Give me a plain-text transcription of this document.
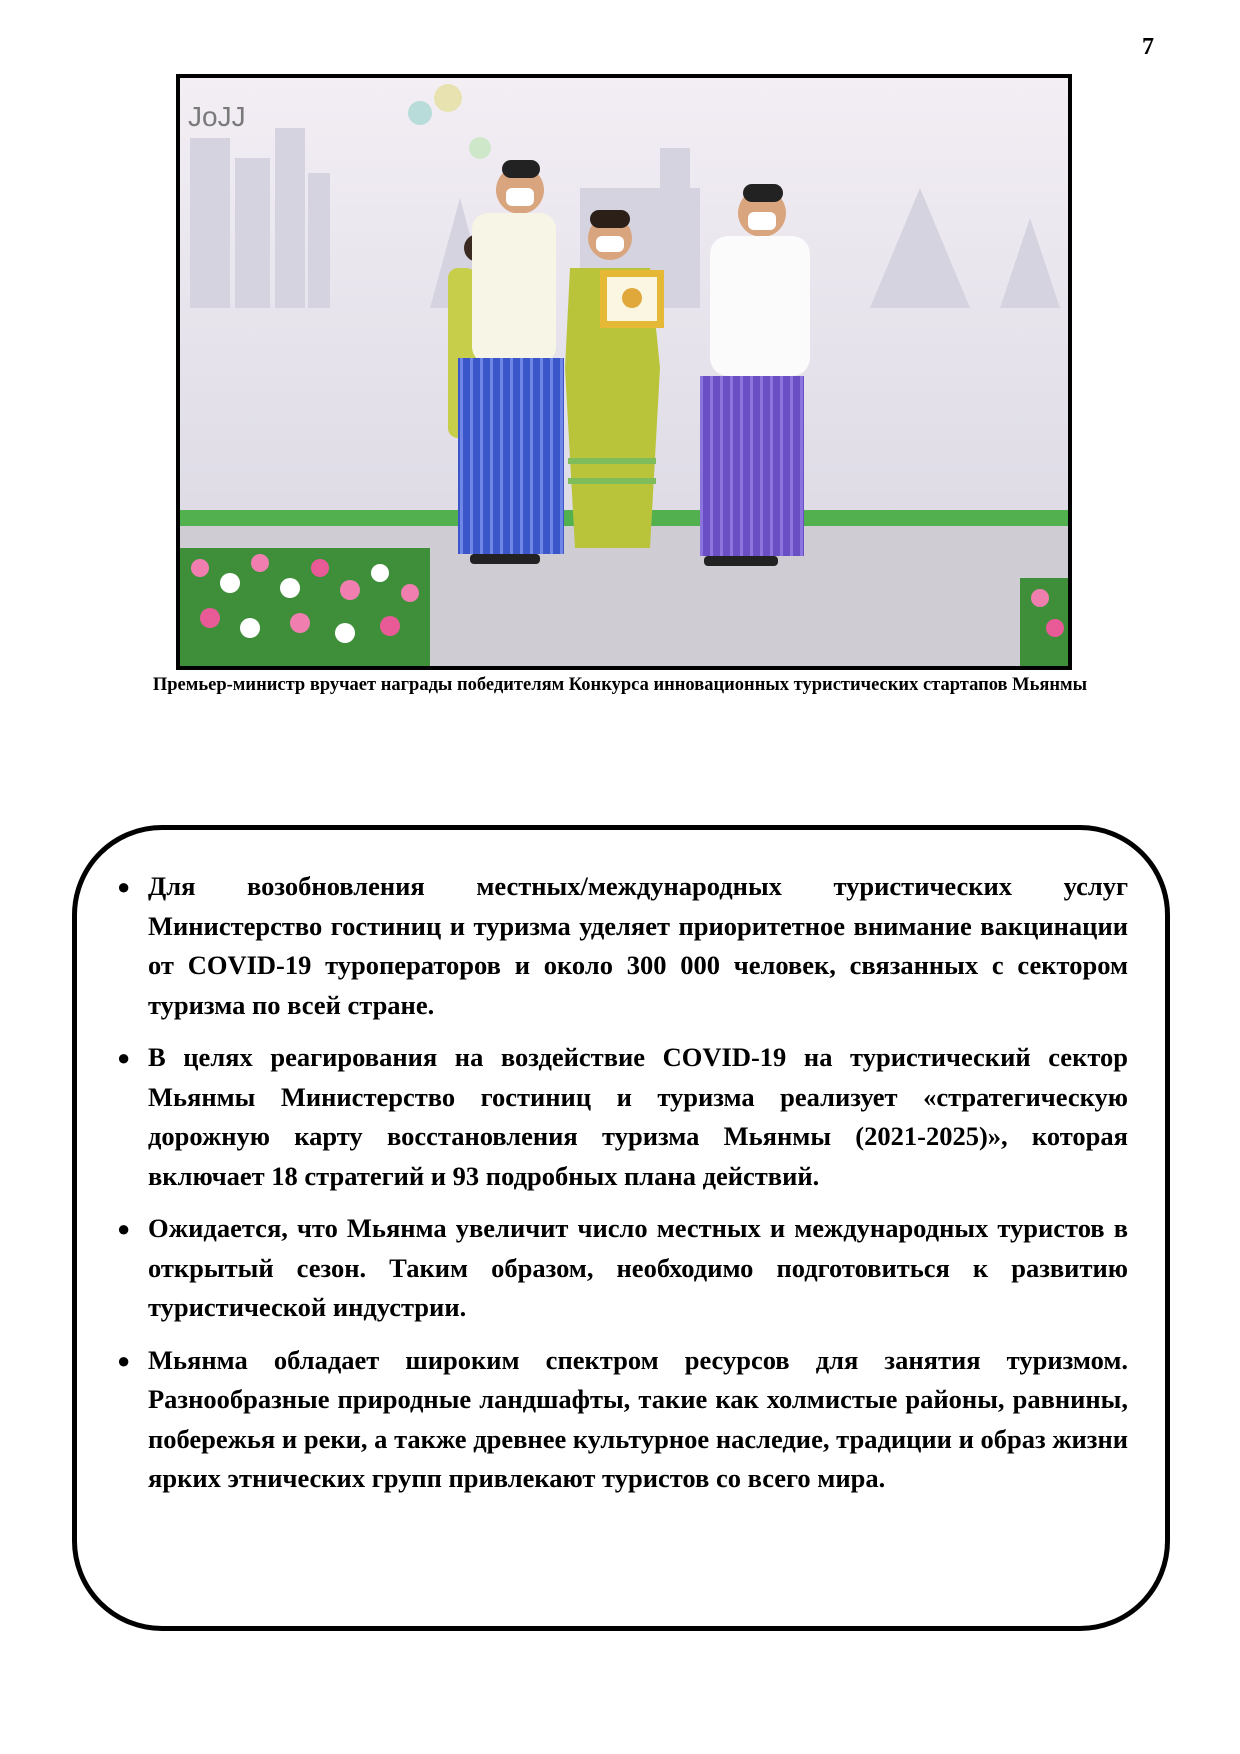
7
JoJJ
Премьер-министр вручает награды победителям Конкурса инновационных туристических стартапов Мьянмы
● Для возобновления местных/международных туристических услуг Министерство гостиниц и туризма уделяет приоритетное внимание вакцинации от COVID-19 туроператоров и около 300 000 человек, связанных с сектором туризма по всей стране.
● В целях реагирования на воздействие COVID-19 на туристический сектор Мьянмы Министерство гостиниц и туризма реализует «стратегическую дорожную карту восстановления туризма Мьянмы (2021-2025)», которая включает 18 стратегий и 93 подробных плана действий.
● Ожидается, что Мьянма увеличит число местных и международных туристов в открытый сезон. Таким образом, необходимо подготовиться к развитию туристической индустрии.
● Мьянма обладает широким спектром ресурсов для занятия туризмом. Разнообразные природные ландшафты, такие как холмистые районы, равнины, побережья и реки, а также древнее культурное наследие, традиции и образ жизни ярких этнических групп привлекают туристов со всего мира.
